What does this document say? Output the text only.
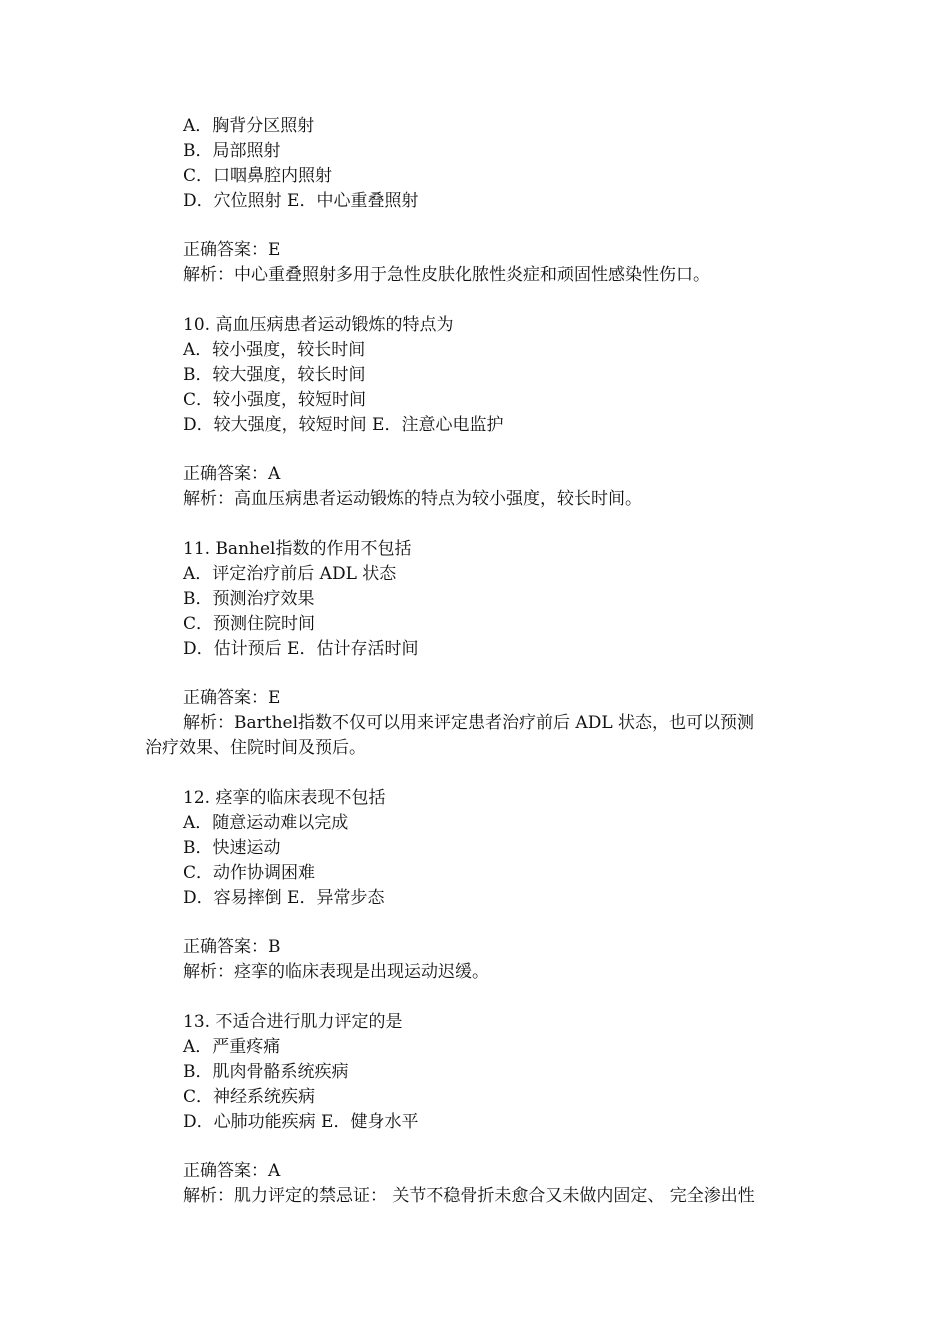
A．胸背分区照射
B．局部照射
C．口咽鼻腔内照射
D．穴位照射 E．中心重叠照射
正确答案：E
解析：中心重叠照射多用于急性皮肤化脓性炎症和顽固性感染性伤口。
10. 高血压病患者运动锻炼的特点为
A．较小强度，较长时间
B．较大强度，较长时间
C．较小强度，较短时间
D．较大强度，较短时间 E．注意心电监护
正确答案：A
解析：高血压病患者运动锻炼的特点为较小强度，较长时间。
11. Banhel指数的作用不包括
A．评定治疗前后 ADL 状态
B．预测治疗效果
C．预测住院时间
D．估计预后 E．估计存活时间
正确答案：E
解析：Barthel指数不仅可以用来评定患者治疗前后 ADL 状态，也可以预测
治疗效果、住院时间及预后。
12. 痉挛的临床表现不包括
A．随意运动难以完成
B．快速运动
C．动作协调困难
D．容易摔倒 E．异常步态
正确答案：B
解析：痉挛的临床表现是出现运动迟缓。
13. 不适合进行肌力评定的是
A．严重疼痛
B．肌肉骨骼系统疾病
C．神经系统疾病
D．心肺功能疾病 E．健身水平
正确答案：A
解析：肌力评定的禁忌证： 关节不稳骨折未愈合又未做内固定、 完全渗出性
